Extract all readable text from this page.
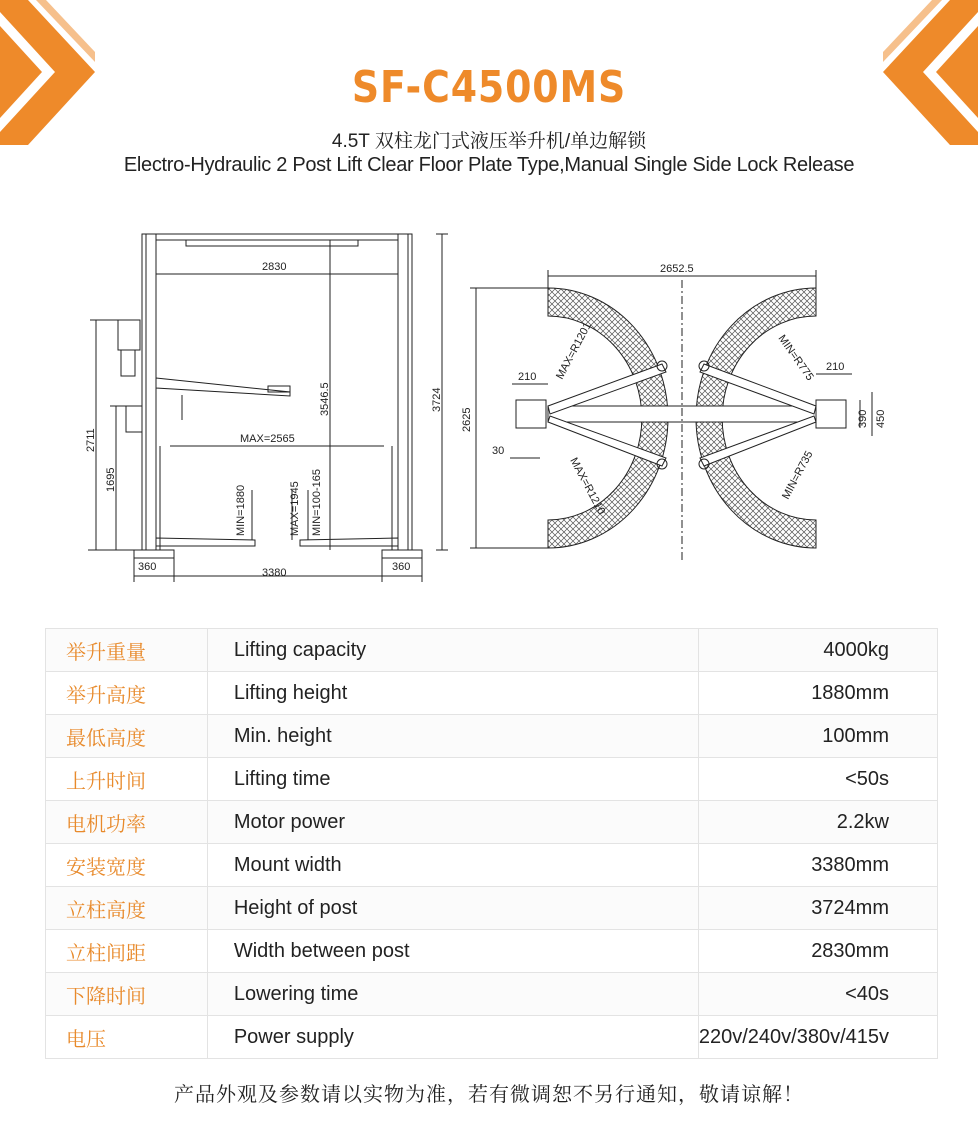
SF-C4500MS
4.5T 双柱龙门式液压举升机/单边解锁
Electro-Hydraulic 2 Post Lift Clear Floor Plate Type,Manual Single Side Lock Release
2830
MAX=2565
3724
3546.5
2711
1695
MIN=1880	MAX=1945 MIN=100-165
360	3380	360
2652.5
2625
210
210
30
390 450
MAX=R1201
MAX=R1210
MIN=R775
MIN=R735
举升重量	Lifting capacity	4000kg
举升高度	Lifting height	1880mm
最低高度	Min. height	100mm
上升时间	Lifting time	<50s
电机功率	Motor power	2.2kw
安装宽度	Mount width	3380mm
立柱高度	Height of post	3724mm
立柱间距	Width between post	2830mm
下降时间	Lowering time	<40s
电压	Power supply	220v/240v/380v/415v
产品外观及参数请以实物为准，若有微调恕不另行通知，敬请谅解！
